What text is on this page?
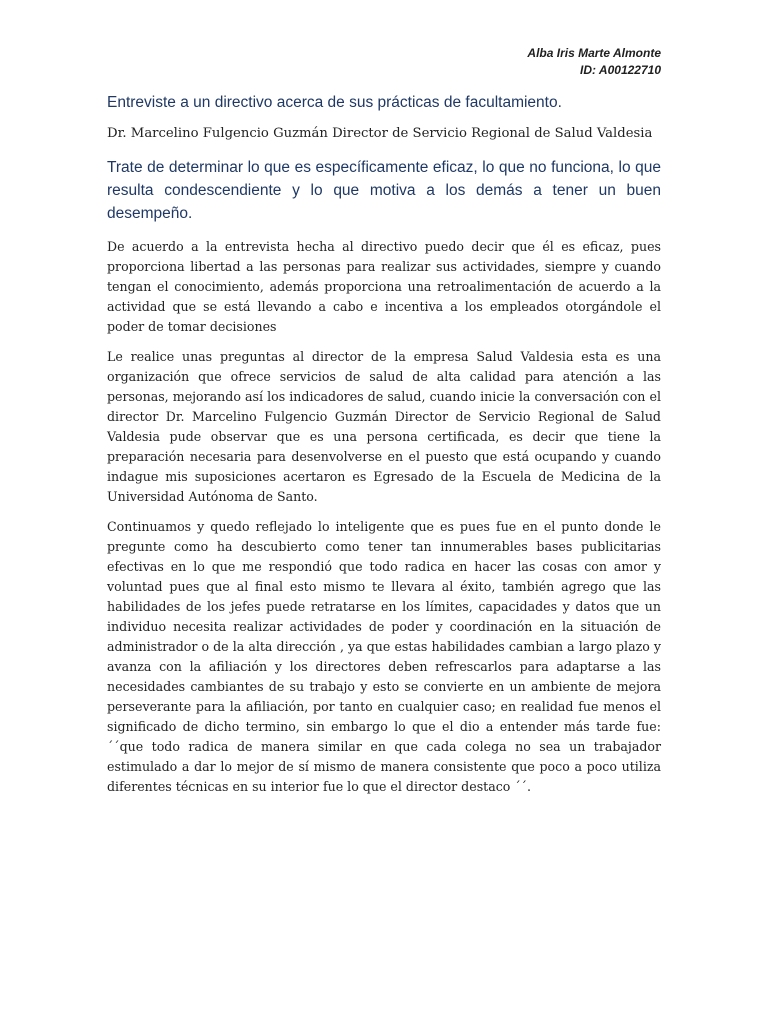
Alba Iris Marte Almonte
ID: A00122710
Entreviste a un directivo acerca de sus prácticas de facultamiento.
Dr. Marcelino Fulgencio Guzmán Director de Servicio Regional de Salud Valdesia
Trate de determinar lo que es específicamente eficaz, lo que no funciona, lo que resulta condescendiente y lo que motiva a los demás a tener un buen desempeño.
De acuerdo a la entrevista hecha al directivo puedo decir que él es eficaz, pues proporciona libertad a las personas para realizar sus actividades, siempre y cuando tengan el conocimiento, además proporciona una retroalimentación de acuerdo a la actividad que se está llevando a cabo e incentiva a los empleados otorgándole el poder de tomar decisiones
Le realice unas preguntas al director de la empresa Salud Valdesia esta es una organización que ofrece servicios de salud de alta calidad para atención a las personas, mejorando así los indicadores de salud, cuando inicie la conversación con el director Dr. Marcelino Fulgencio Guzmán Director de Servicio Regional de Salud Valdesia pude observar que es una persona certificada, es decir que tiene la preparación necesaria para desenvolverse en el puesto que está ocupando y cuando indague mis suposiciones acertaron es Egresado de la Escuela de Medicina de la Universidad Autónoma de Santo.
Continuamos y quedo reflejado lo inteligente que es pues fue en el punto donde le pregunte como ha descubierto como tener tan innumerables bases publicitarias efectivas en lo que me respondió que todo radica en hacer las cosas con amor y voluntad pues que al final esto mismo te llevara al éxito, también agrego que las habilidades de los jefes puede retratarse en los límites, capacidades y datos que un individuo necesita realizar actividades de poder y coordinación en la situación de administrador o de la alta dirección , ya que estas habilidades cambian a largo plazo y avanza con la afiliación y los directores deben refrescarlos para adaptarse a las necesidades cambiantes de su trabajo y esto se convierte en un ambiente de mejora perseverante para la afiliación, por tanto en cualquier caso; en realidad fue menos el significado de dicho termino, sin embargo lo que el dio a entender más tarde fue: ´´que todo radica de manera similar en que cada colega no sea un trabajador estimulado a dar lo mejor de sí mismo de manera consistente que poco a poco utiliza diferentes técnicas en su interior fue lo que el director destaco ´´.
